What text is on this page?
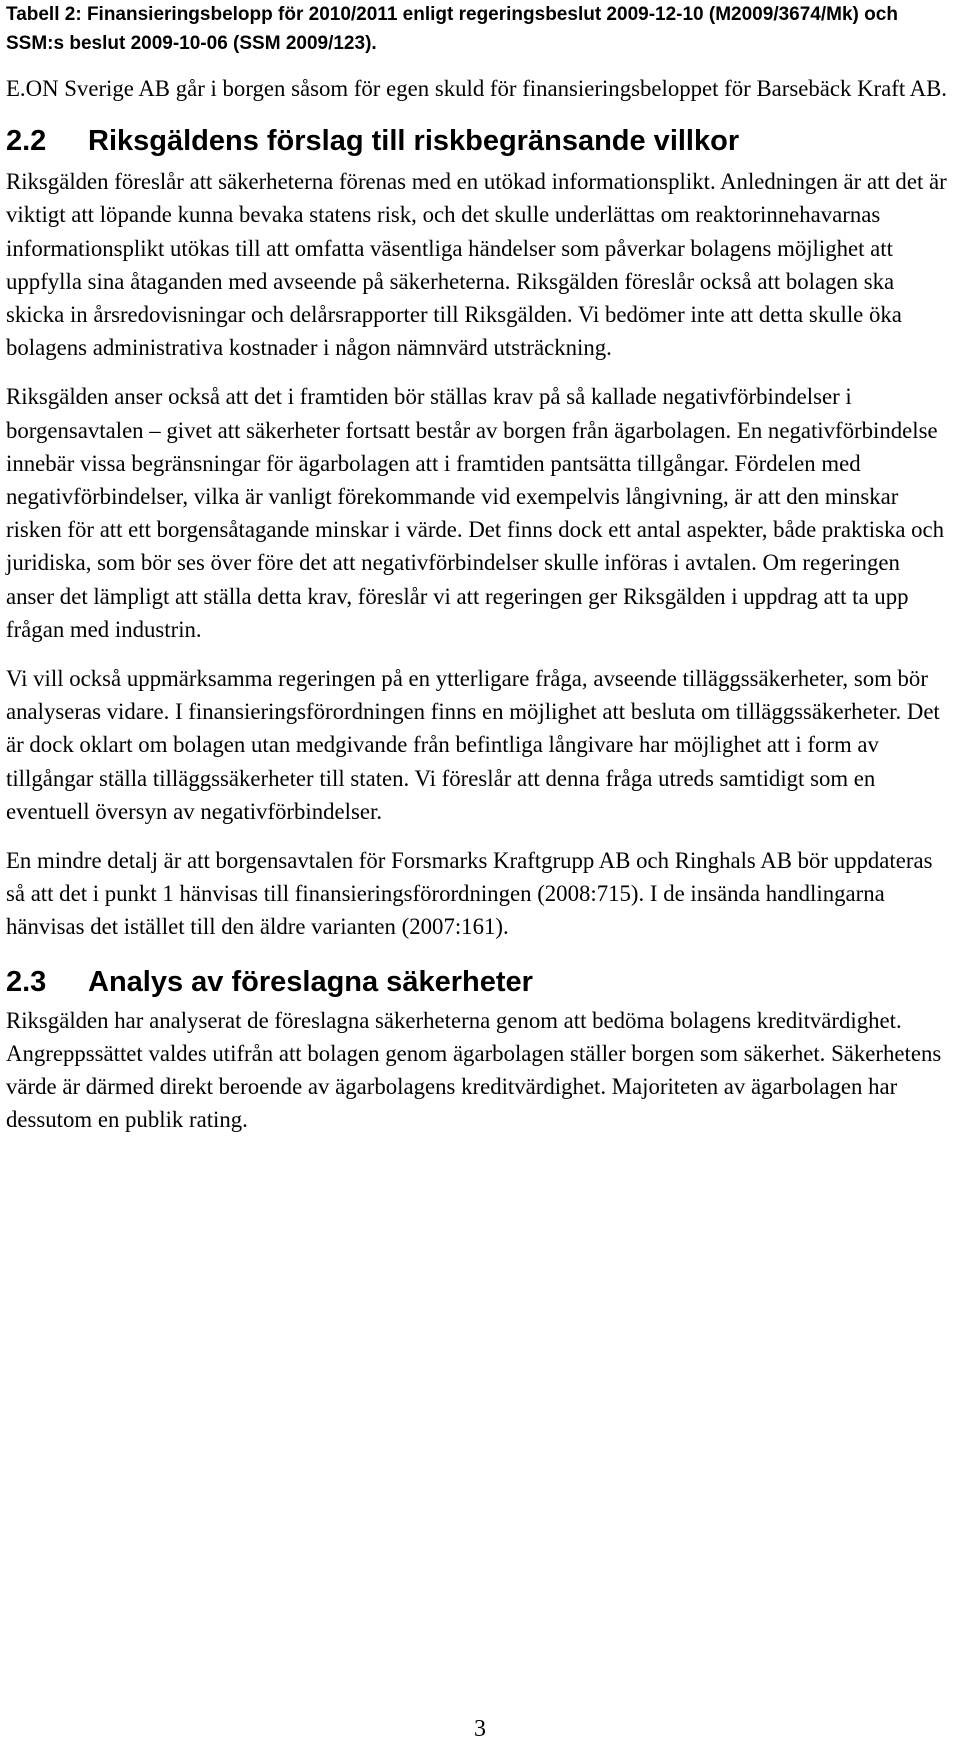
Tabell 2: Finansieringsbelopp för 2010/2011 enligt regeringsbeslut 2009-12-10 (M2009/3674/Mk) och SSM:s beslut 2009-10-06 (SSM 2009/123).

E.ON Sverige AB går i borgen såsom för egen skuld för finansieringsbeloppet för Barsebäck Kraft AB.

2.2 Riksgäldens förslag till riskbegränsande villkor

Riksgälden föreslår att säkerheterna förenas med en utökad informationsplikt. Anledningen är att det är viktigt att löpande kunna bevaka statens risk, och det skulle underlättas om reaktorinnehavarnas informationsplikt utökas till att omfatta väsentliga händelser som påverkar bolagens möjlighet att uppfylla sina åtaganden med avseende på säkerheterna. Riksgälden föreslår också att bolagen ska skicka in årsredovisningar och delårsrapporter till Riksgälden. Vi bedömer inte att detta skulle öka bolagens administrativa kostnader i någon nämnvärd utsträckning.

Riksgälden anser också att det i framtiden bör ställas krav på så kallade negativförbindelser i borgensavtalen – givet att säkerheter fortsatt består av borgen från ägarbolagen. En negativförbindelse innebär vissa begränsningar för ägarbolagen att i framtiden pantsätta tillgångar. Fördelen med negativförbindelser, vilka är vanligt förekommande vid exempelvis långivning, är att den minskar risken för att ett borgensåtagande minskar i värde. Det finns dock ett antal aspekter, både praktiska och juridiska, som bör ses över före det att negativförbindelser skulle införas i avtalen. Om regeringen anser det lämpligt att ställa detta krav, föreslår vi att regeringen ger Riksgälden i uppdrag att ta upp frågan med industrin.

Vi vill också uppmärksamma regeringen på en ytterligare fråga, avseende tilläggssäkerheter, som bör analyseras vidare. I finansieringsförordningen finns en möjlighet att besluta om tilläggssäkerheter. Det är dock oklart om bolagen utan medgivande från befintliga långivare har möjlighet att i form av tillgångar ställa tilläggssäkerheter till staten. Vi föreslår att denna fråga utreds samtidigt som en eventuell översyn av negativförbindelser.

En mindre detalj är att borgensavtalen för Forsmarks Kraftgrupp AB och Ringhals AB bör uppdateras så att det i punkt 1 hänvisas till finansieringsförordningen (2008:715). I de insända handlingarna hänvisas det istället till den äldre varianten (2007:161).

2.3 Analys av föreslagna säkerheter

Riksgälden har analyserat de föreslagna säkerheterna genom att bedöma bolagens kreditvärdighet. Angreppssättet valdes utifrån att bolagen genom ägarbolagen ställer borgen som säkerhet. Säkerhetens värde är därmed direkt beroende av ägarbolagens kreditvärdighet. Majoriteten av ägarbolagen har dessutom en publik rating.

3
